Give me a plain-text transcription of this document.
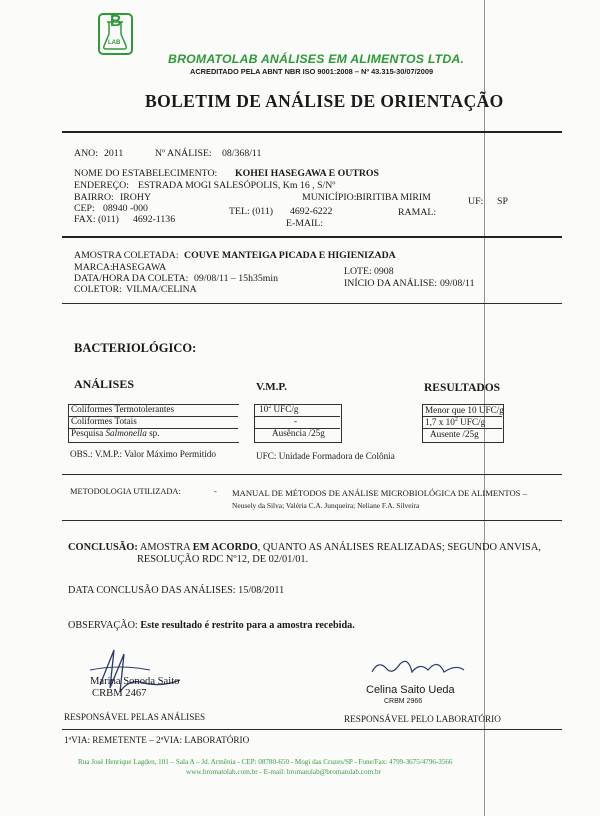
B
LAB
BROMATOLAB ANÁLISES EM ALIMENTOS LTDA.
ACREDITADO PELA ABNT NBR ISO 9001:2008 – Nº 43.315-30/07/2009
BOLETIM DE ANÁLISE DE ORIENTAÇÃO
ANO: 2011	Nº ANÁLISE: 08/368/11
NOME DO ESTABELECIMENTO: KOHEI HASEGAWA E OUTROS
ENDEREÇO: ESTRADA MOGI SALESÓPOLIS, Km 16 , S/Nº
BAIRRO: IROHY	MUNICÍPIO: BIRITIBA MIRIM	UF: SP
CEP: 08940 -000	TEL: (011) 4692-6222	RAMAL:
FAX: (011) 4692-1136	E-MAIL:
AMOSTRA COLETADA: COUVE MANTEIGA PICADA E HIGIENIZADA
MARCA: HASEGAWA	LOTE: 0908
DATA/HORA DA COLETA: 09/08/11 – 15h35min	INÍCIO DA ANÁLISE: 09/08/11
COLETOR: VILMA/CELINA
BACTERIOLÓGICO:
ANÁLISES	V.M.P.	RESULTADOS
Coliformes Termotolerantes	$10^2$ UFC/g	Menor que 10 UFC/g
Coliformes Totais	-	1,7 x $10^2$ UFC/g
Pesquisa Salmonella sp.	Ausência /25g	Ausente /25g
OBS.: V.M.P.: Valor Máximo Permitido	UFC: Unidade Formadora de Colônia
METODOLOGIA UTILIZADA:	- MANUAL DE MÉTODOS DE ANÁLISE MICROBIOLÓGICA DE ALIMENTOS –
Neusely da Silva; Valéria C.A. Junqueira; Neliane F.A. Silveira
CONCLUSÃO: AMOSTRA EM ACORDO, QUANTO AS ANÁLISES REALIZADAS; SEGUNDO ANVISA,
RESOLUÇÃO RDC Nº12, DE 02/01/01.
DATA CONCLUSÃO DAS ANÁLISES: 15/08/2011
OBSERVAÇÃO: Este resultado é restrito para a amostra recebida.
Marina Sonoda Saito
CRBM 2467
RESPONSÁVEL PELAS ANÁLISES
Celina Saito Ueda
CRBM 2966
RESPONSÁVEL PELO LABORATÓRIO
1ªVIA: REMETENTE – 2ªVIA: LABORATÓRIO
Rua José Henrique Lagden, 101 – Sala A – Jd. Armênia - CEP: 08780-650 - Mogi das Cruzes/SP - Fone/Fax: 4799-3675/4796-3566
www.bromatolab.com.br - E-mail: bromatolab@bromatolab.com.br
